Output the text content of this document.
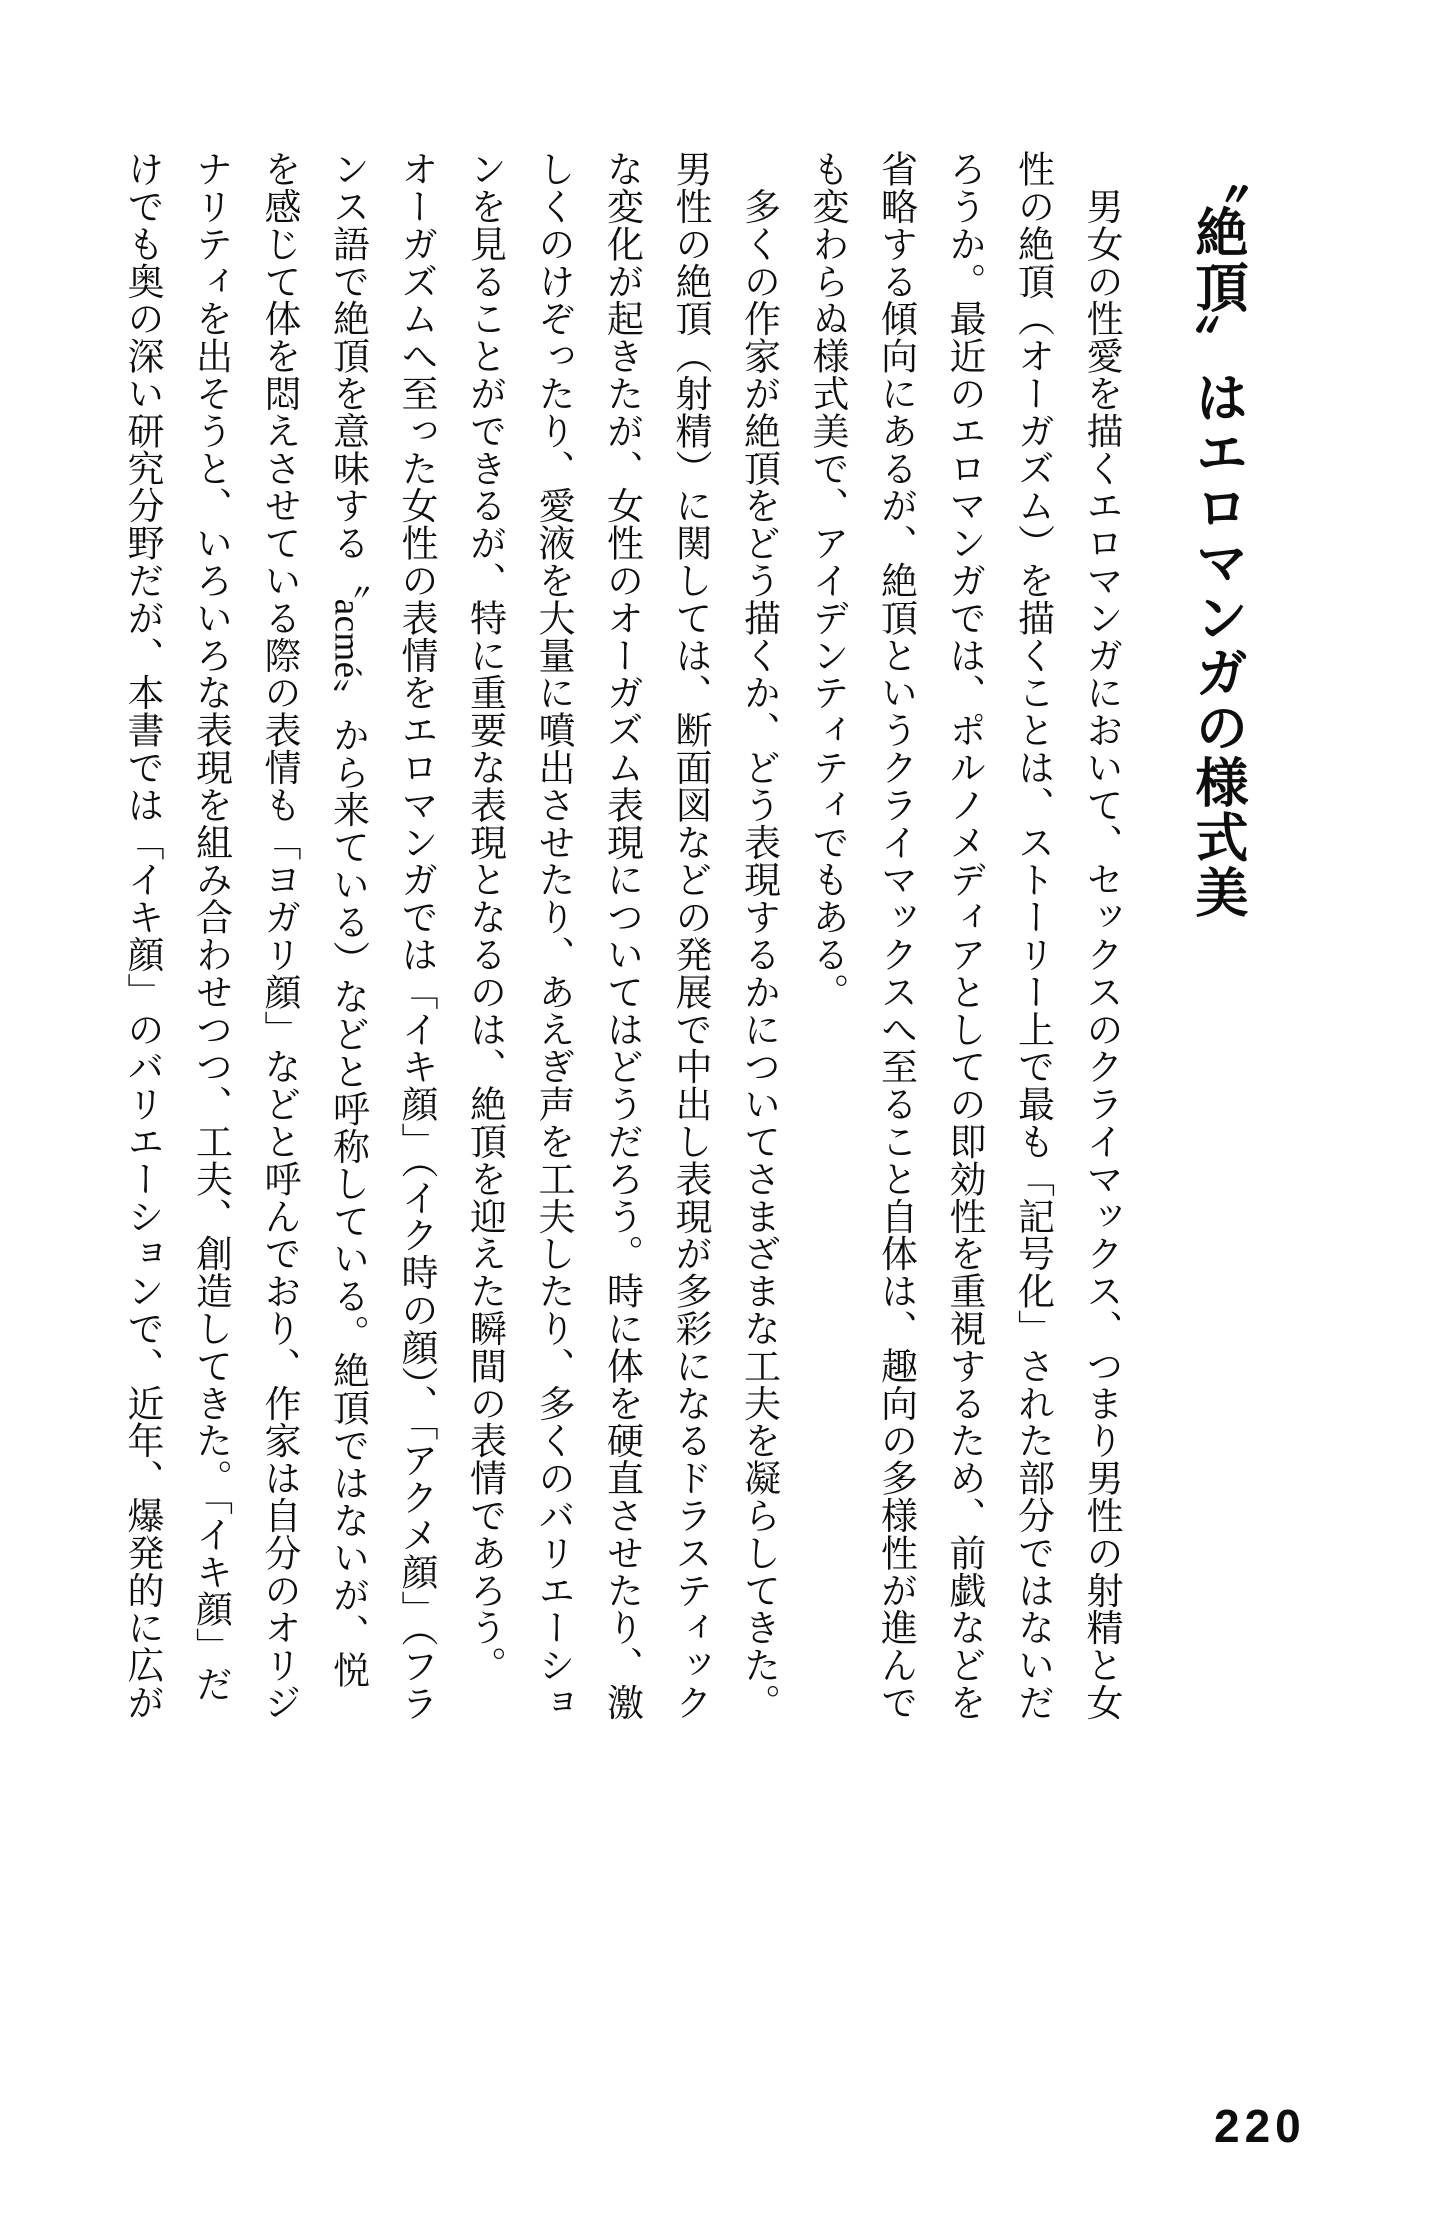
〝絶頂〟はエロマンガの様式美

　男女の性愛を描くエロマンガにおいて、セックスのクライマックス、つまり男性の射精と女

性の絶頂（オーガズム）を描くことは、ストーリー上で最も「記号化」された部分ではないだ

ろうか。最近のエロマンガでは、ポルノメディアとしての即効性を重視するため、前戯などを

省略する傾向にあるが、絶頂というクライマックスへ至ること自体は、趣向の多様性が進んで

も変わらぬ様式美で、アイデンティティでもある。

　多くの作家が絶頂をどう描くか、どう表現するかについてさまざまな工夫を凝らしてきた。

男性の絶頂（射精）に関しては、断面図などの発展で中出し表現が多彩になるドラスティック

な変化が起きたが、女性のオーガズム表現についてはどうだろう。時に体を硬直させたり、激

しくのけぞったり、愛液を大量に噴出させたり、あえぎ声を工夫したり、多くのバリエーショ

ンを見ることができるが、特に重要な表現となるのは、絶頂を迎えた瞬間の表情であろう。

オーガズムへ至った女性の表情をエロマンガでは「イキ顔」（イク時の顔）、「アクメ顔」（フラ

ンス語で絶頂を意味する〝acmé〟から来ている）などと呼称している。絶頂ではないが、悦

を感じて体を悶えさせている際の表情も「ヨガリ顔」などと呼んでおり、作家は自分のオリジ

ナリティを出そうと、いろいろな表現を組み合わせつつ、工夫、創造してきた。「イキ顔」だ

けでも奥の深い研究分野だが、本書では「イキ顔」のバリエーションで、近年、爆発的に広が

220
